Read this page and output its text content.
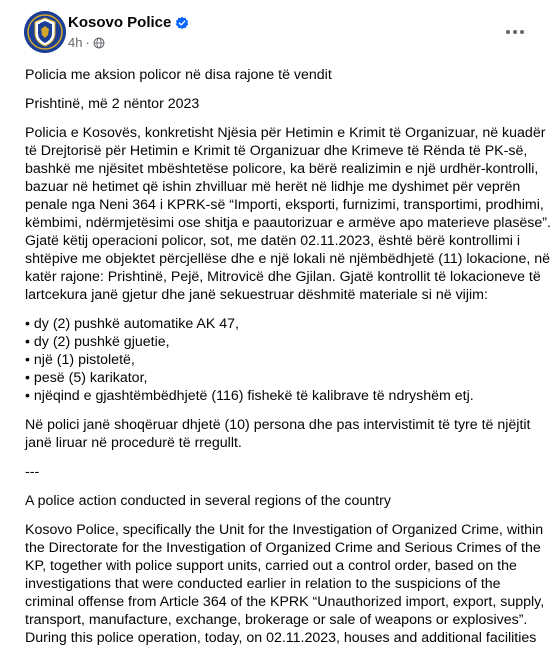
Kosovo Police
4h ·
Policia me aksion policor në disa rajone të vendit
Prishtinë, më 2 nëntor 2023
Policia e Kosovës, konkretisht Njësia për Hetimin e Krimit të Organizuar, në kuadër
të Drejtorisë për Hetimin e Krimit të Organizuar dhe Krimeve të Rënda të PK-së,
bashkë me njësitet mbështetëse policore, ka bërë realizimin e një urdhër-kontrolli,
bazuar në hetimet që ishin zhvilluar më herët në lidhje me dyshimet për veprën
penale nga Neni 364 i KPRK-së “Importi, eksporti, furnizimi, transportimi, prodhimi,
këmbimi, ndërmjetësimi ose shitja e paautorizuar e armëve apo materieve plasëse”.
Gjatë këtij operacioni policor, sot, me datën 02.11.2023, është bërë kontrollimi i
shtëpive me objektet përcjellëse dhe e një lokali në njëmbëdhjetë (11) lokacione, në
katër rajone: Prishtinë, Pejë, Mitrovicë dhe Gjilan. Gjatë kontrollit të lokacioneve të
lartcekura janë gjetur dhe janë sekuestruar dëshmitë materiale si në vijim:
• dy (2) pushkë automatike AK 47,
• dy (2) pushkë gjuetie,
• një (1) pistoletë,
• pesë (5) karikator,
• njëqind e gjashtëmbëdhjetë (116) fishekë të kalibrave të ndryshëm etj.
Në polici janë shoqëruar dhjetë (10) persona dhe pas intervistimit të tyre të njëjtit
janë liruar në procedurë të rregullt.
---
A police action conducted in several regions of the country
Kosovo Police, specifically the Unit for the Investigation of Organized Crime, within
the Directorate for the Investigation of Organized Crime and Serious Crimes of the
KP, together with police support units, carried out a control order, based on the
investigations that were conducted earlier in relation to the suspicions of the
criminal offense from Article 364 of the KPRK “Unauthorized import, export, supply,
transport, manufacture, exchange, brokerage or sale of weapons or explosives”.
During this police operation, today, on 02.11.2023, houses and additional facilities
